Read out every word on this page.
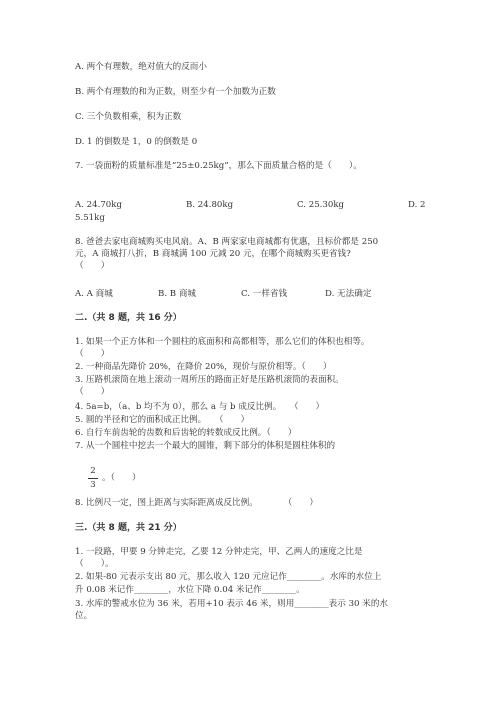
A. 两个有理数，绝对值大的反而小
B. 两个有理数的和为正数，则至少有一个加数为正数
C. 三个负数相乘，积为正数
D. 1 的倒数是 1，0 的倒数是 0
7. 一袋面粉的质量标准是“25±0.25kg”，那么下面质量合格的是（　　）。
A. 24.70kg	B. 24.80kg	C. 25.30kg	D. 2
5.51kg
8. 爸爸去家电商城购买电风扇。A、B 两家家电商城都有优惠，且标价都是 250
元，A 商城打八折，B 商城满 100 元减 20 元，在哪个商城购买更省钱?
（　　）
A. A 商城	B. B 商城	C. 一样省钱	D. 无法确定
二.（共 8 题，共 16 分）
1. 如果一个正方体和一个圆柱的底面积和高都相等，那么它们的体积也相等。
（　　）
2. 一种商品先降价 20%，在降价 20%，现价与原价相等。（　　）
3. 压路机滚筒在地上滚动一周所压的路面正好是压路机滚筒的表面积。
（　　）
4. 5a=b，（a、b 均不为 0），那么 a 与 b 成反比例。　　（　　）
5. 圆的半径和它的面积成正比例。　　（　　）
6. 自行车前齿轮的齿数和后齿轮的转数成反比例。（　　）
7. 从一个圆柱中挖去一个最大的圆锥，剩下部分的体积是圆柱体积的
2
3
。（　　）
8. 比例尺一定，图上距离与实际距离成反比例。　　　　（　　）
三.（共 8 题，共 21 分）
1. 一段路，甲要 9 分钟走完，乙要 12 分钟走完，甲、乙两人的速度之比是
（　　）。
2. 如果-80 元表示支出 80 元，那么收入 120 元应记作________。水库的水位上
升 0.08 米记作________，水位下降 0.04 米记作________。
3. 水库的警戒水位为 36 米，若用+10 表示 46 米，则用________表示 30 米的水
位。
